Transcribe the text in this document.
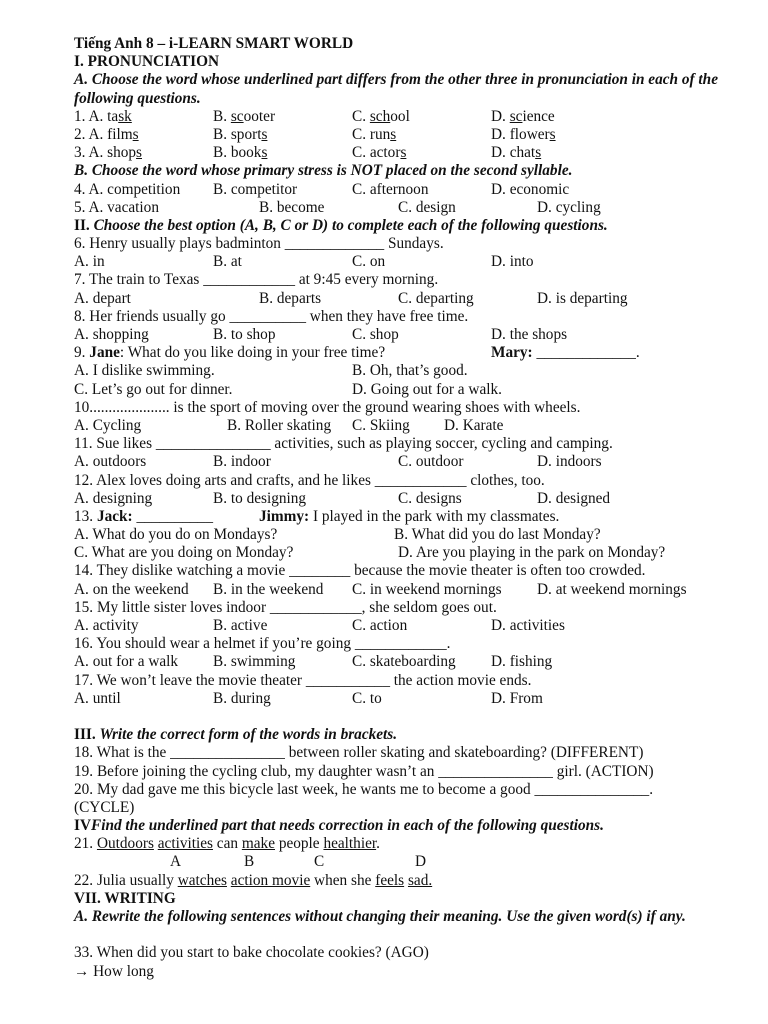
Tiếng Anh 8 – i-LEARN SMART WORLD
I. PRONUNCIATION
A. Choose the word whose underlined part differs from the other three in pronunciation in each of the following questions.
1. A. task	B. scooter	C. school	D. science
2. A. films	B. sports	C. runs	D. flowers
3. A. shops	B. books	C. actors	D. chats
B. Choose the word whose primary stress is NOT placed on the second syllable.
4. A. competition B. competitor	C. afternoon	D. economic
5. A. vacation	B. become	C. design	D. cycling
II. Choose the best option (A, B, C or D) to complete each of the following questions.
6. Henry usually plays badminton _____________ Sundays.
A. in	B. at	C. on	D. into
7. The train to Texas ____________ at 9:45 every morning.
A. depart	B. departs	C. departing	D. is departing
8. Her friends usually go __________ when they have free time.
A. shopping	B. to shop	C. shop	D. the shops
9. Jane: What do you like doing in your free time?	Mary: _____________.
A. I dislike swimming.	B. Oh, that’s good.
C. Let’s go out for dinner.	D. Going out for a walk.
10..................... is the sport of moving over the ground wearing shoes with wheels.
A. Cycling	B. Roller skating C. Skiing D. Karate
11. Sue likes _______________ activities, such as playing soccer, cycling and camping.
A. outdoors	B. indoor	C. outdoor	D. indoors
12. Alex loves doing arts and crafts, and he likes ____________ clothes, too.
A. designing	B. to designing	C. designs	D. designed
13. Jack: __________	Jimmy: I played in the park with my classmates.
A. What do you do on Mondays?	B. What did you do last Monday?
C. What are you doing on Monday?	D. Are you playing in the park on Monday?
14. They dislike watching a movie ________ because the movie theater is often too crowded.
A. on the weekend B. in the weekend C. in weekend mornings D. at weekend mornings
15. My little sister loves indoor ____________, she seldom goes out.
A. activity	B. active	C. action	D. activities
16. You should wear a helmet if you’re going ____________.
A. out for a walk B. swimming	C. skateboarding D. fishing
17. We won’t leave the movie theater ___________ the action movie ends.
A. until	B. during	C. to	D. From
III. Write the correct form of the words in brackets.
18. What is the _______________ between roller skating and skateboarding? (DIFFERENT)
19. Before joining the cycling club, my daughter wasn’t an _______________ girl. (ACTION)
20. My dad gave me this bicycle last week, he wants me to become a good _______________.
(CYCLE)
IVFind the underlined part that needs correction in each of the following questions.
21. Outdoors activities can make people healthier.
A	B	C	D
22. Julia usually watches action movie when she feels sad.
VII. WRITING
A. Rewrite the following sentences without changing their meaning. Use the given word(s) if any.
33. When did you start to bake chocolate cookies? (AGO)
→ How long
